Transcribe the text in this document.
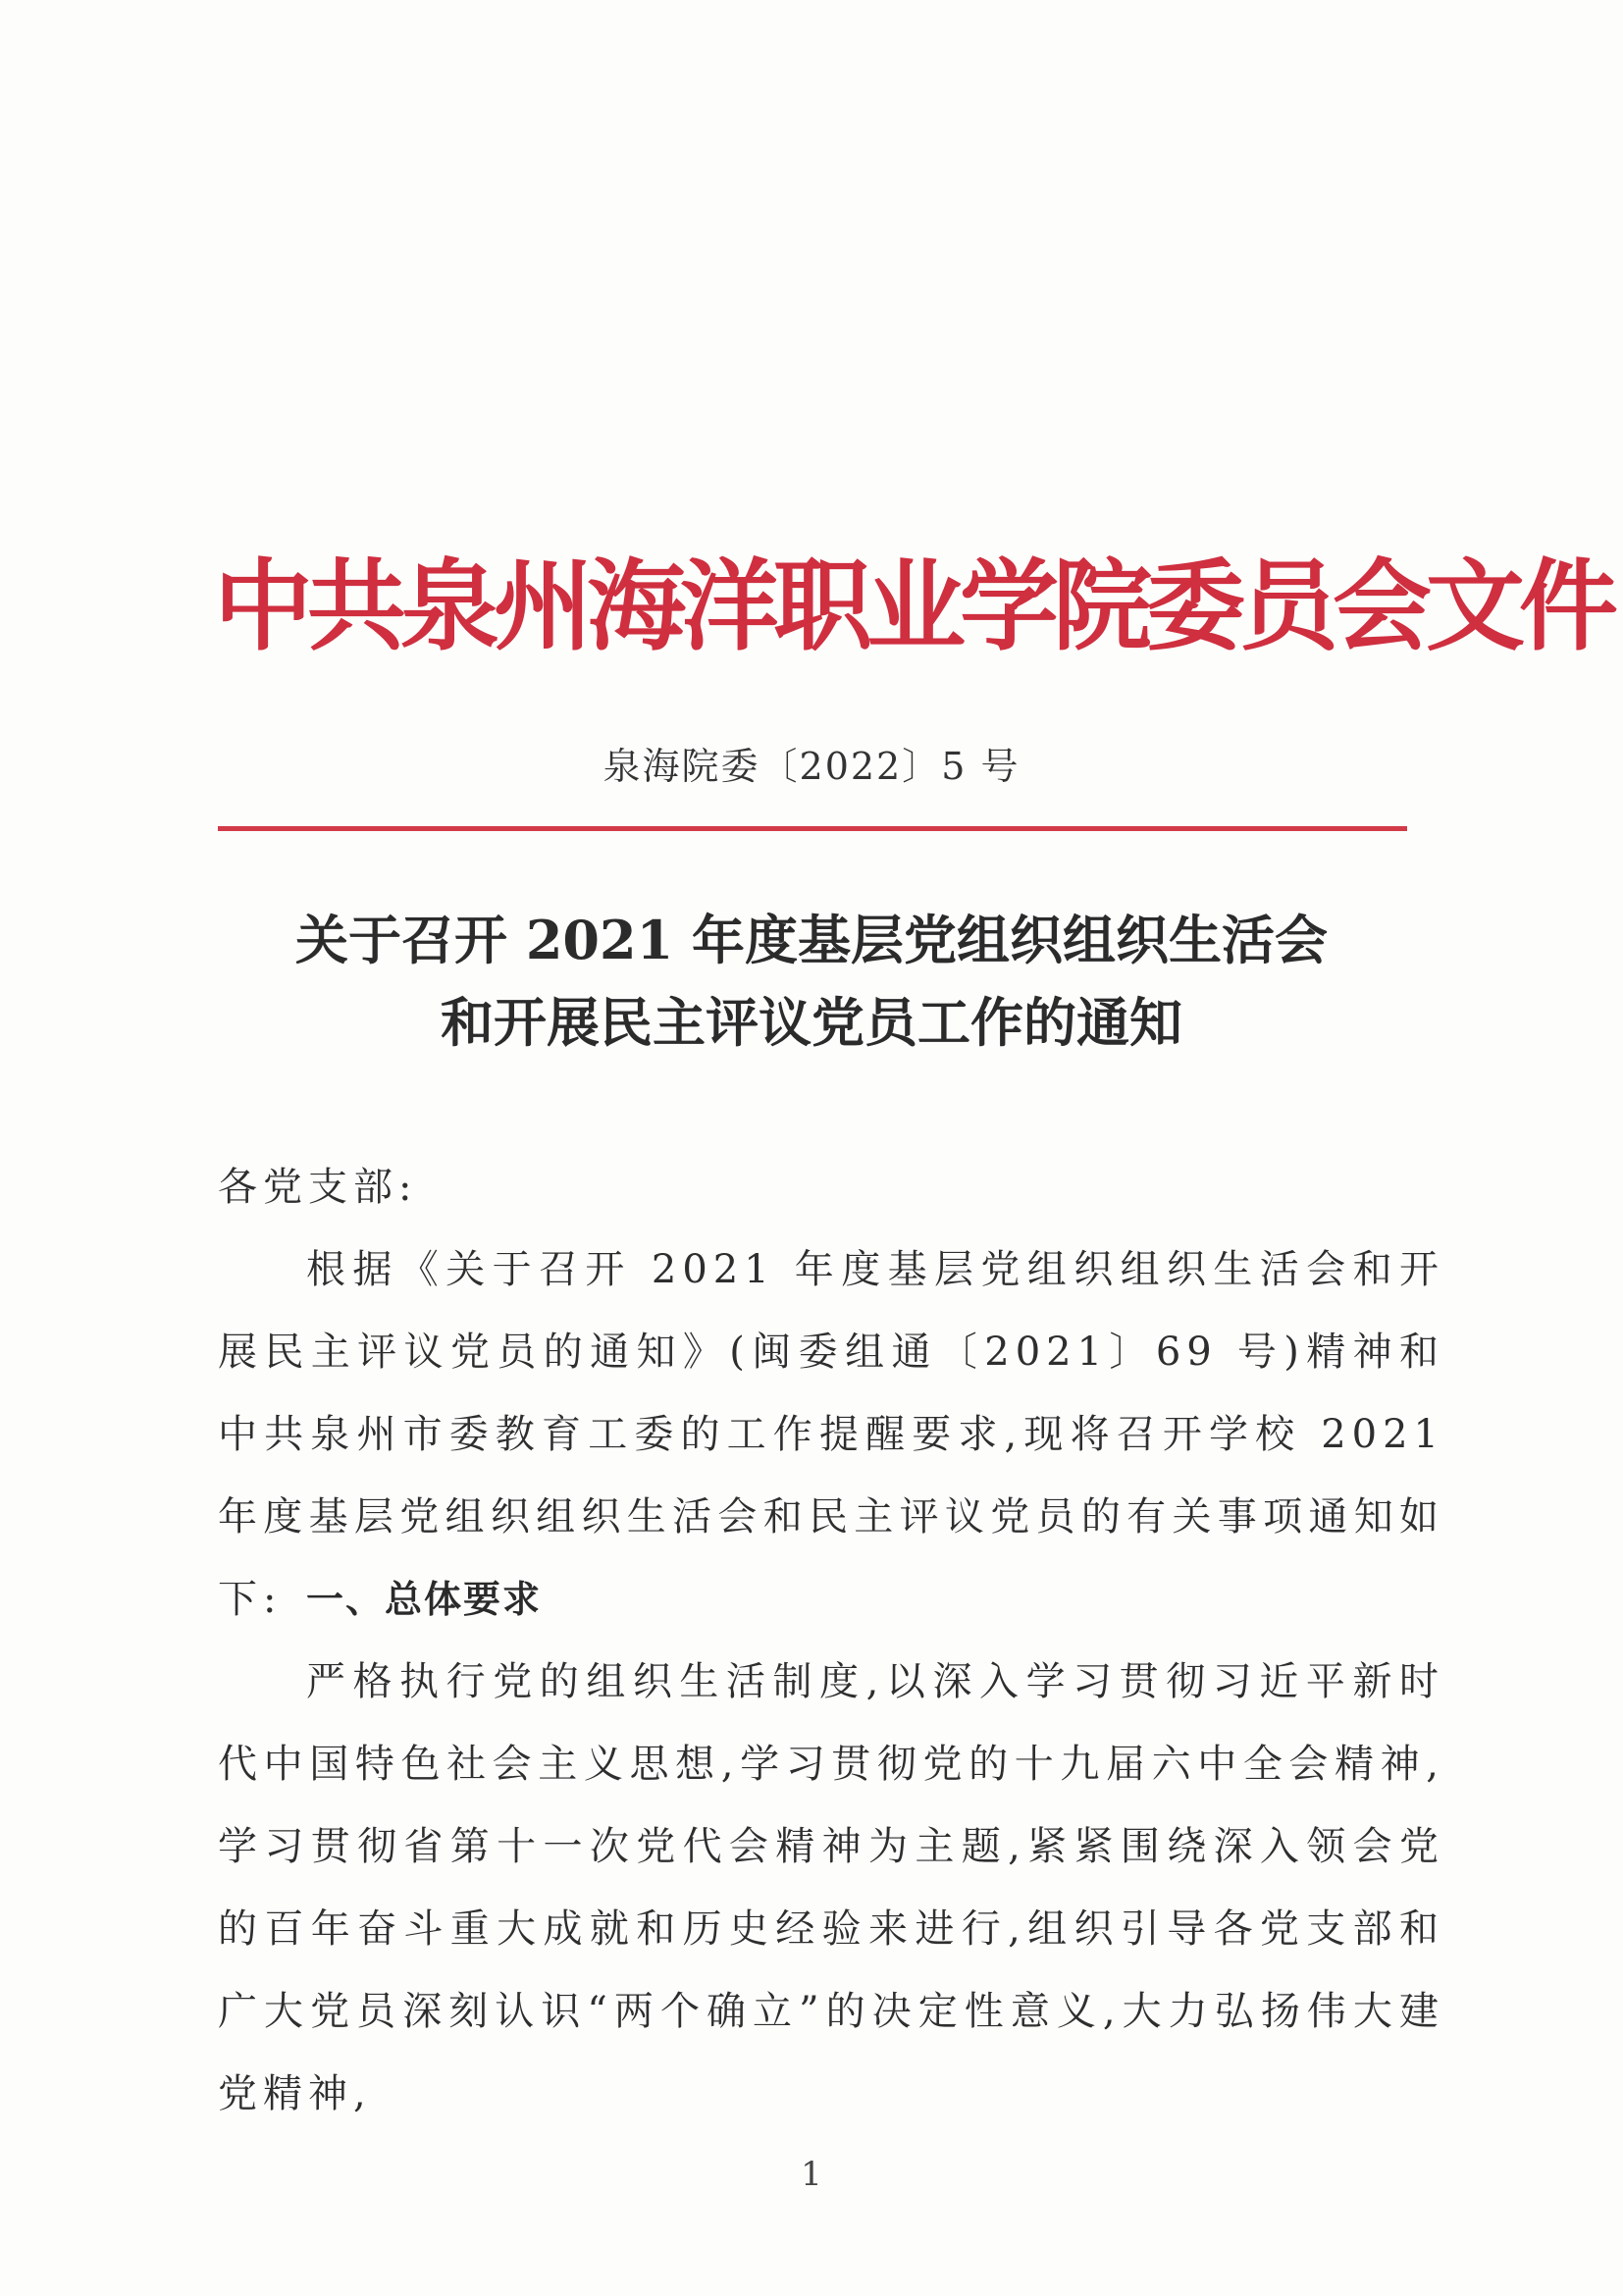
中共泉州海洋职业学院委员会文件
泉海院委〔2022〕5 号
关于召开 2021 年度基层党组织组织生活会
和开展民主评议党员工作的通知
各党支部:
根据《关于召开 2021 年度基层党组织组织生活会和开展民主评议党员的通知》(闽委组通〔2021〕69 号)精神和中共泉州市委教育工委的工作提醒要求,现将召开学校 2021 年度基层党组织组织生活会和民主评议党员的有关事项通知如下: 一、总体要求
严格执行党的组织生活制度,以深入学习贯彻习近平新时代中国特色社会主义思想,学习贯彻党的十九届六中全会精神,学习贯彻省第十一次党代会精神为主题,紧紧围绕深入领会党的百年奋斗重大成就和历史经验来进行,组织引导各党支部和广大党员深刻认识“两个确立”的决定性意义,大力弘扬伟大建党精神,
1
